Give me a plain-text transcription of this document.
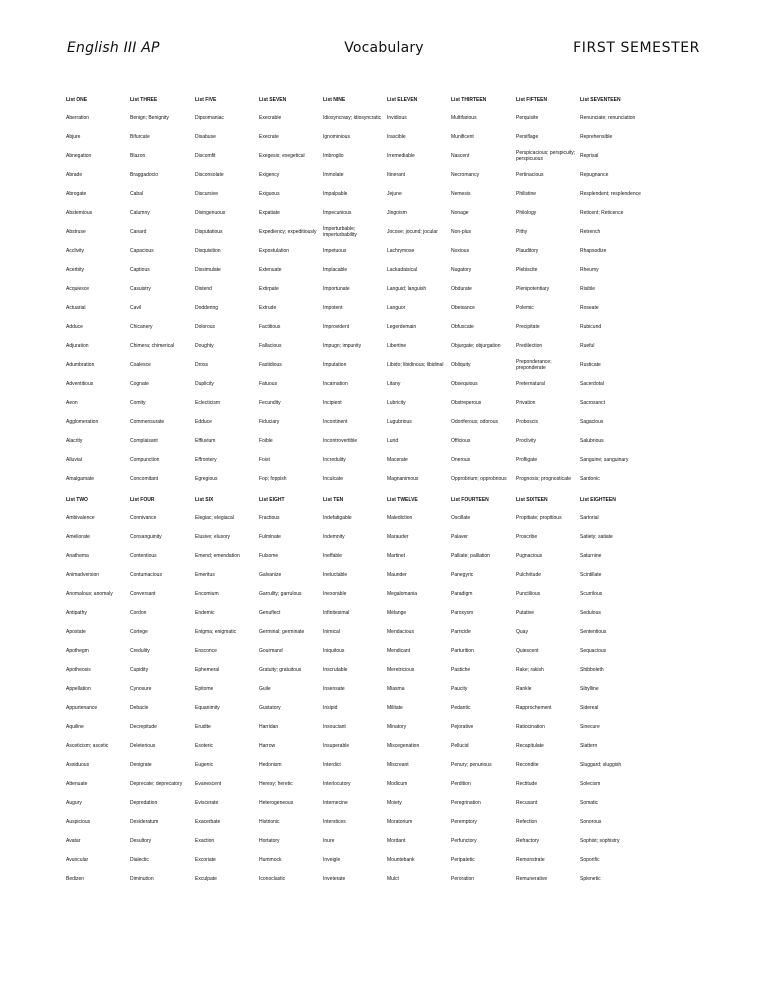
English III AP	Vocabulary	FIRST SEMESTER
List ONE	List THREE	List FIVE	List SEVEN	List NINE	List ELEVEN	List THIRTEEN	List FIFTEEN	List SEVENTEEN
Aberration	Benign; Benignity	Dipsomaniac	Execrable	Idiosyncrasy; idiosyncratic	Invidious	Multifarious	Perquisite	Renunciate; renunciation
Abjure	Bifurcate	Disabuse	Execrate	Ignominious	Irascible	Munificent	Persiflage	Reprehensible
Abnegation	Blazon	Discomfit	Exegesis; exegetical	Imbroglio	Irremediable	Nascent	Perspicacious; perspicuity; perspicuous	Reprisal
Abrade	Braggadocio	Disconsolate	Exigency	Immolate	Itinerant	Necromancy	Pertinacious	Repugnance
Abrogate	Cabal	Discursive	Exiguous	Impalpable	Jejune	Nemesis	Philistine	Resplendent; resplendence
Abstemious	Calumny	Disingenuous	Expatiate	Impecunious	Jingoism	Nonage	Philology	Reticent; Reticence
Abstruse	Canard	Disputatious	Expediency; expeditiously	Imperturbable; imperturbability	Jocose; jocund; jocular	Non-plus	Pithy	Retrench
Acclivity	Capacious	Disquisition	Expostulation	Impetuous	Lachrymose	Noxious	Plauditory	Rhapsodize
Acerbity	Captious	Dissimulate	Extenuate	Implacable	Lackadaisical	Nugatory	Plebiscite	Rheumy
Acquiesce	Casuistry	Distend	Extirpate	Importunate	Languid; languish	Obdurate	Plenipotentiary	Risible
Actuarial	Cavil	Doddering	Extrude	Impotent	Languor	Obeisance	Polemic	Roseate
Adduce	Chicanery	Dolorous	Factitious	Improvident	Legerdemain	Obfuscate	Precipitate	Rubicund
Adjuration	Chimera; chimerical	Doughty	Fallacious	Impugn; impunity	Libertine	Objurgate; objurgation	Predilection	Rueful
Adumbration	Coalesce	Dross	Fastidious	Imputation	Libido; libidinous; libidinal	Obliquity	Preponderance; preponderate	Rusticate
Adventitious	Cognate	Duplicity	Fatuous	Incarnation	Litany	Obsequious	Preternatural	Sacerdotal
Aeon	Comity	Eclecticism	Fecundity	Incipient	Lubricity	Obstreperous	Privation	Sacrosanct
Agglomeration	Commensurate	Edduce	Fiduciary	Incontinent	Lugubrious	Odoriferous; odorous	Proboscis	Sagacious
Alacrity	Complaisant	Effluvium	Foible	Incontrovertible	Lurid	Officious	Proclivity	Salubrious
Alluvial	Compunction	Effrontery	Foist	Incredulity	Macerate	Onerous	Profligate	Sanguine; sanguinary
Amalgamate	Concomitant	Egregious	Fop; foppish	Inculcate	Magnanimous	Opprobrium; opprobrious	Prognosis; prognosticate	Sardonic
List TWO	List FOUR	List SIX	List EIGHT	List TEN	List TWELVE	List FOURTEEN	List SIXTEEN	List EIGHTEEN
Ambivalence	Connivance	Elegiac; elegiacal	Fractious	Indefatigable	Malediction	Oscillate	Propitiate; propitious	Sartorial
Ameliorate	Consanguinity	Elusive; elusory	Fulminate	Indemnity	Marauder	Palaver	Proscribe	Satiety; satiate
Anathema	Contentious	Emend; emendation	Fulsome	Ineffable	Martinet	Palliate; palliation	Pugnacious	Saturnine
Animadversion	Contumacious	Emeritus	Galvanize	Ineluctable	Maunder	Panegyric	Pulchritude	Scintillate
Anomalous; anomaly	Conversant	Encomium	Garrulity; garrulous	Inexorable	Megalomania	Paradigm	Punctilious	Scurrilous
Antipathy	Cordon	Endemic	Genuflect	Infinitesimal	Mélange	Paroxysm	Putative	Sedulous
Apostate	Cortege	Enigma; enigmatic	Germinal; germinate	Inimical	Mendacious	Parricide	Quay	Sententious
Apothegm	Credulity	Ensconce	Gourmand	Iniquitous	Mendicant	Parturition	Quiescent	Sequacious
Apotheosis	Cupidity	Ephemeral	Gratuity; gratuitous	Inscrutable	Meretricious	Pastiche	Rake; rakish	Shibboleth
Appellation	Cynosure	Epitome	Guile	Insensate	Miasma	Paucity	Rankle	Sibylline
Appurtenance	Debacle	Equanimity	Gustatory	Insipid	Militate	Pedantic	Rapprochement	Sidereal
Aquiline	Decrepitude	Erudite	Harridan	Insouciant	Minatory	Pejorative	Ratiocination	Sinecure
Asceticism; ascetic	Deleterious	Esoteric	Harrow	Insuperable	Miscegenation	Pellucid	Recapitulate	Slattern
Assiduous	Denigrate	Eugenic	Hedonism	Interdict	Miscreant	Penury; penurious	Recondite	Sluggard; sluggish
Attenuate	Deprecate; deprecatory	Evanescent	Heresy; heretic	Interlocutory	Modicum	Perdition	Rectitude	Solecism
Augury	Depredation	Eviscerate	Heterogeneous	Internecine	Moiety	Peregrination	Recusant	Somatic
Auspicious	Desideratum	Exacerbate	Histrionic	Interstices	Moratorium	Peremptory	Refection	Sonorous
Avatar	Desultory	Exaction	Hortatory	Inure	Mordant	Perfunctory	Refractory	Sophist; sophistry
Avuncular	Dialectic	Excoriate	Hummock	Inveigle	Mountebank	Peripatetic	Remonstrate	Soporific
Bedizen	Diminution	Exculpate	Iconoclastic	Inveterate	Mulct	Peroration	Remunerative	Splenetic
